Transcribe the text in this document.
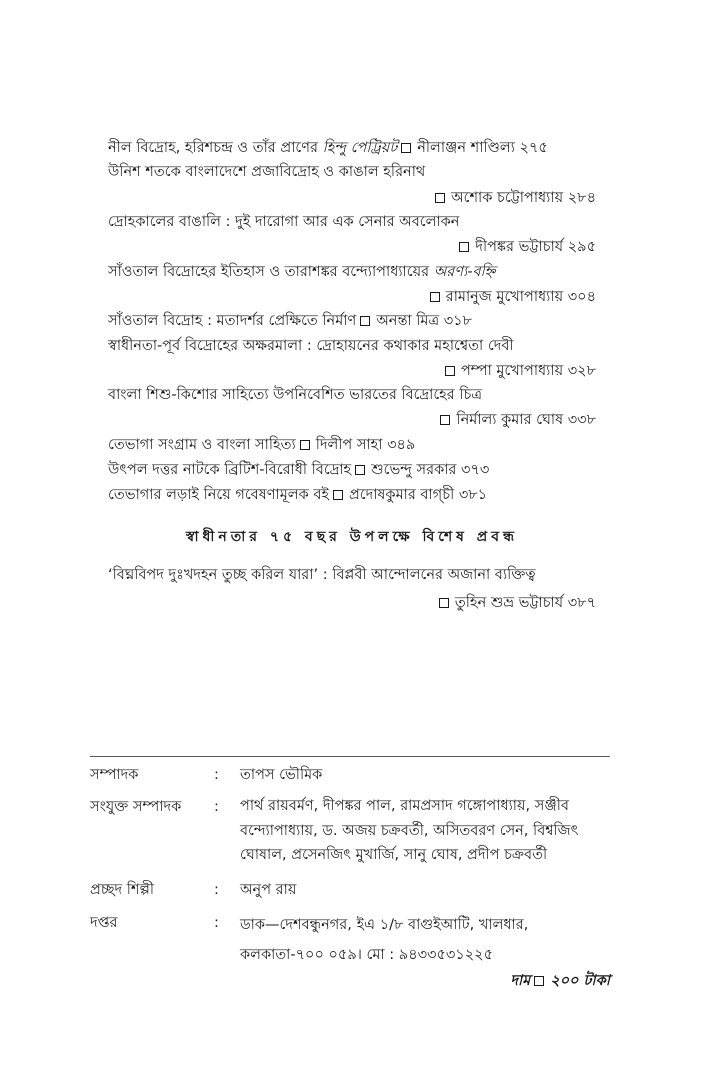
নীল বিদ্রোহ, হরিশচন্দ্র ও তাঁর প্রাণের হিন্দু পেট্রিয়ট নীলাঞ্জন শাণ্ডিল্য ২৭৫
উনিশ শতকে বাংলাদেশে প্রজাবিদ্রোহ ও কাঙাল হরিনাথ
অশোক চট্টোপাধ্যায় ২৮৪
দ্রোহকালের বাঙালি : দুই দারোগা আর এক সেনার অবলোকন
দীপঙ্কর ভট্টাচার্য ২৯৫
সাঁওতাল বিদ্রোহের ইতিহাস ও তারাশঙ্কর বন্দ্যোপাধ্যায়ের অরণ্য-বহ্নি
রামানুজ মুখোপাধ্যায় ৩০৪
সাঁওতাল বিদ্রোহ : মতাদর্শর প্রেক্ষিতে নির্মাণ অনন্তা মিত্র ৩১৮
স্বাধীনতা-পূর্ব বিদ্রোহের অক্ষরমালা : দ্রোহায়নের কথাকার মহাশ্বেতা দেবী
পম্পা মুখোপাধ্যায় ৩২৮
বাংলা শিশু-কিশোর সাহিত্যে উপনিবেশিত ভারতের বিদ্রোহের চিত্র
নির্মাল্য কুমার ঘোষ ৩৩৮
তেভাগা সংগ্রাম ও বাংলা সাহিত্য দিলীপ সাহা ৩৪৯
উৎপল দত্তর নাটকে ব্রিটিশ-বিরোধী বিদ্রোহ শুভেন্দু সরকার ৩৭৩
তেভাগার লড়াই নিয়ে গবেষণামূলক বই প্রদোষকুমার বাগ্চী ৩৮১
স্বাধীনতার ৭৫ বছর উপলক্ষে বিশেষ প্রবন্ধ
‘বিঘ্নবিপদ দুঃখদহন তুচ্ছ করিল যারা’ : বিপ্লবী আন্দোলনের অজানা ব্যক্তিত্ব
তুহিন শুভ্র ভট্টাচার্য ৩৮৭
সম্পাদক	: তাপস ভৌমিক
সংযুক্ত সম্পাদক	: পার্থ রায়বর্মণ, দীপঙ্কর পাল, রামপ্রসাদ গঙ্গোপাধ্যায়, সঞ্জীব
বন্দ্যোপাধ্যায়, ড. অজয় চক্রবর্তী, অসিতবরণ সেন, বিশ্বজিৎ
ঘোষাল, প্রসেনজিৎ মুখার্জি, সানু ঘোষ, প্রদীপ চক্রবর্তী
প্রচ্ছদ শিল্পী	: অনুপ রায়
দপ্তর	: ডাক—দেশবন্ধুনগর, ইএ ১/৮ বাগুইআটি, খালধার,
কলকাতা-৭০০ ০৫৯। মো : ৯৪৩৩৫৩১২২৫
দাম ২০০ টাকা
